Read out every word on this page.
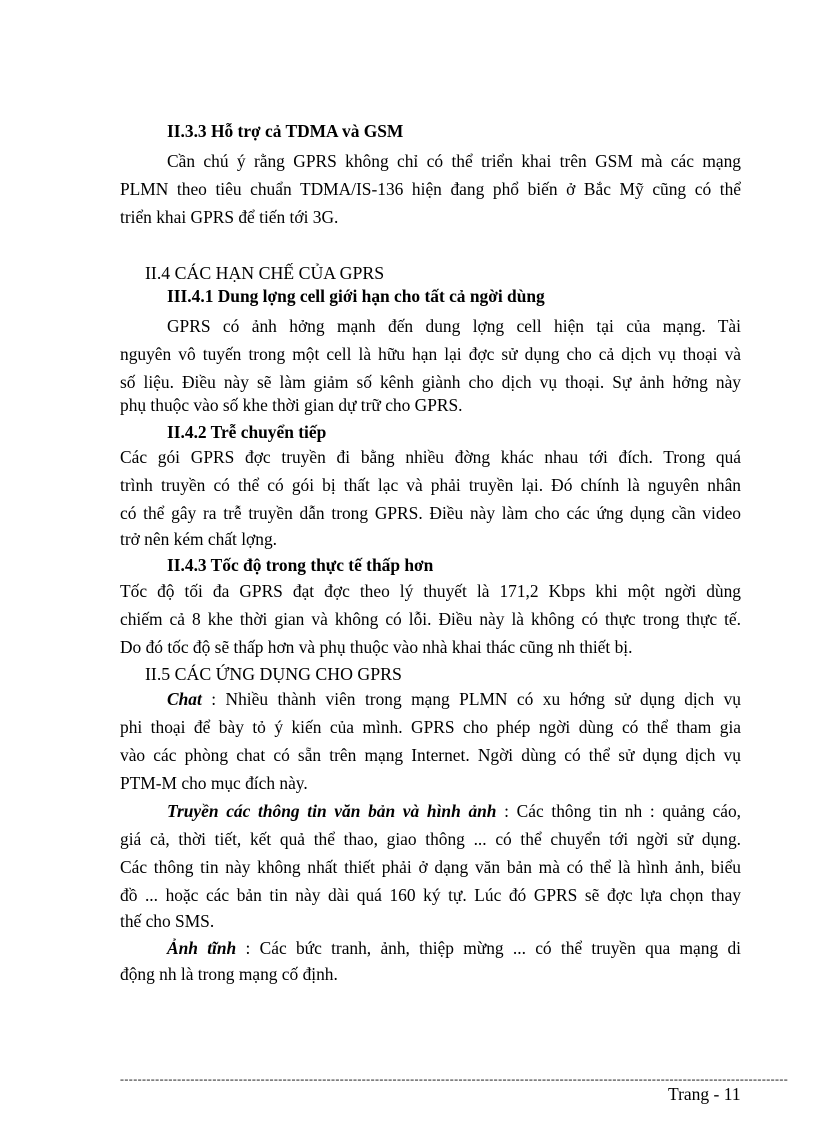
II.3.3 Hỗ trợ cả TDMA và GSM
Cần chú ý rằng GPRS không chỉ có thể triển khai trên GSM mà các mạng
PLMN theo tiêu chuẩn TDMA/IS-136 hiện đang phổ biến ở Bắc Mỹ cũng có thể
triển khai GPRS để tiến tới 3G.
II.4 CÁC HẠN CHẾ CỦA GPRS
III.4.1 Dung lợng cell giới hạn cho tất cả ngời dùng
GPRS có ảnh hởng mạnh đến dung lợng cell hiện tại của mạng. Tài
nguyên vô tuyến trong một cell là hữu hạn lại đợc sử dụng cho cả dịch vụ thoại và
số liệu. Điều này sẽ làm giảm số kênh giành cho dịch vụ thoại. Sự ảnh hởng này
phụ thuộc vào số khe thời gian dự trữ cho GPRS.
II.4.2 Trễ chuyển tiếp
Các gói GPRS đợc truyền đi bằng nhiều đờng khác nhau tới đích. Trong quá
trình truyền có thể có gói bị thất lạc và phải truyền lại. Đó chính là nguyên nhân
có thể gây ra trễ truyền dẫn trong GPRS. Điều này làm cho các ứng dụng cần video
trở nên kém chất lợng.
II.4.3 Tốc độ trong thực tế thấp hơn
Tốc độ tối đa GPRS đạt đợc theo lý thuyết là 171,2 Kbps khi một ngời dùng
chiếm cả 8 khe thời gian và không có lỗi. Điều này là không có thực trong thực tế.
Do đó tốc độ sẽ thấp hơn và phụ thuộc vào nhà khai thác cũng nh thiết bị.
II.5 CÁC ỨNG DỤNG CHO GPRS
Chat : Nhiều thành viên trong mạng PLMN có xu hớng sử dụng dịch vụ
phi thoại để bày tỏ ý kiến của mình. GPRS cho phép ngời dùng có thể tham gia
vào các phòng chat có sẵn trên mạng Internet. Ngời dùng có thể sử dụng dịch vụ
PTM-M cho mục đích này.
Truyền các thông tin văn bản và hình ảnh : Các thông tin nh : quảng cáo,
giá cả, thời tiết, kết quả thể thao, giao thông ... có thể chuyển tới ngời sử dụng.
Các thông tin này không nhất thiết phải ở dạng văn bản mà có thể là hình ảnh, biểu
đồ ... hoặc các bản tin này dài quá 160 ký tự. Lúc đó GPRS sẽ đợc lựa chọn thay
thế cho SMS.
Ảnh tĩnh : Các bức tranh, ảnh, thiệp mừng ... có thể truyền qua mạng di
động nh là trong mạng cố định.
--------------------------------------------------------------------------------------------------------------------------------------------------------
Trang - 11
